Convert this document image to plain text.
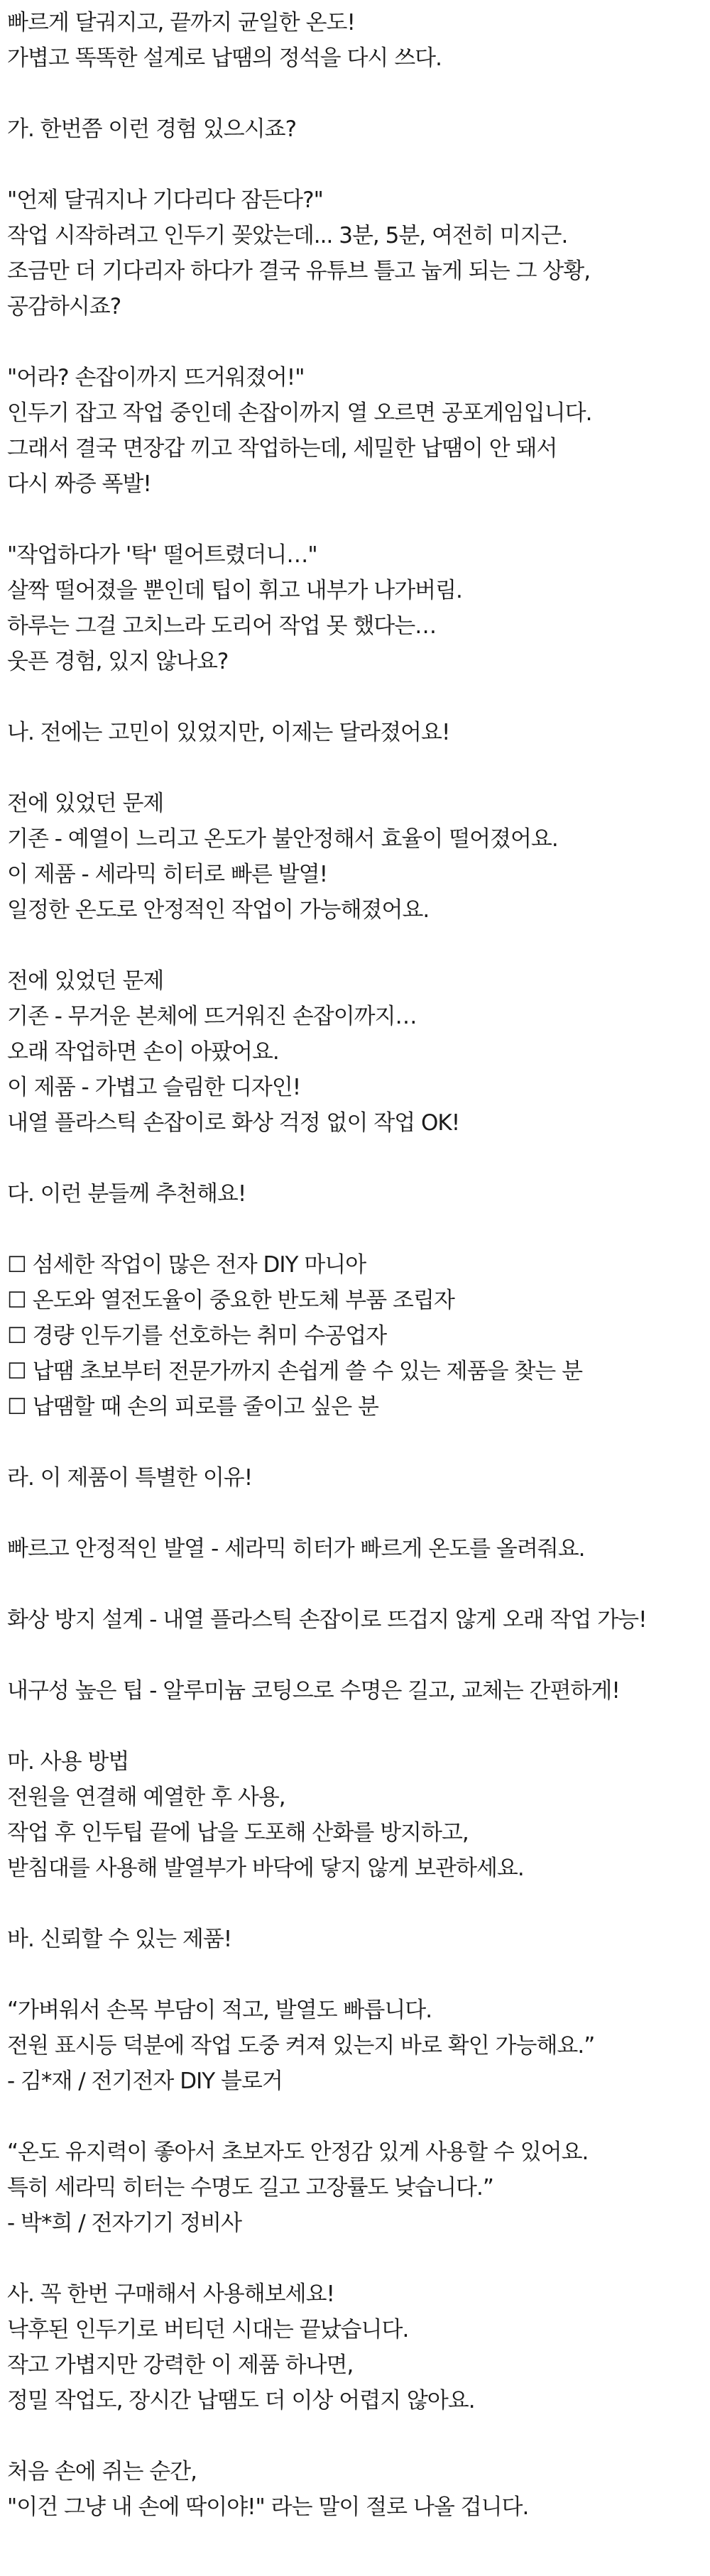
빠르게 달궈지고, 끝까지 균일한 온도!
가볍고 똑똑한 설계로 납땜의 정석을 다시 쓰다.
가. 한번쯤 이런 경험 있으시죠?
"언제 달궈지나 기다리다 잠든다?"
작업 시작하려고 인두기 꽂았는데... 3분, 5분, 여전히 미지근.
조금만 더 기다리자 하다가 결국 유튜브 틀고 눕게 되는 그 상황,
공감하시죠?
"어라? 손잡이까지 뜨거워졌어!"
인두기 잡고 작업 중인데 손잡이까지 열 오르면 공포게임입니다.
그래서 결국 면장갑 끼고 작업하는데, 세밀한 납땜이 안 돼서
다시 짜증 폭발!
"작업하다가 '탁' 떨어트렸더니…"
살짝 떨어졌을 뿐인데 팁이 휘고 내부가 나가버림.
하루는 그걸 고치느라 도리어 작업 못 했다는…
웃픈 경험, 있지 않나요?
나. 전에는 고민이 있었지만, 이제는 달라졌어요!
전에 있었던 문제
기존 - 예열이 느리고 온도가 불안정해서 효율이 떨어졌어요.
이 제품 - 세라믹 히터로 빠른 발열!
일정한 온도로 안정적인 작업이 가능해졌어요.
전에 있었던 문제
기존 - 무거운 본체에 뜨거워진 손잡이까지…
오래 작업하면 손이 아팠어요.
이 제품 - 가볍고 슬림한 디자인!
내열 플라스틱 손잡이로 화상 걱정 없이 작업 OK!
다. 이런 분들께 추천해요!
☐ 섬세한 작업이 많은 전자 DIY 마니아
☐ 온도와 열전도율이 중요한 반도체 부품 조립자
☐ 경량 인두기를 선호하는 취미 수공업자
☐ 납땜 초보부터 전문가까지 손쉽게 쓸 수 있는 제품을 찾는 분
☐ 납땜할 때 손의 피로를 줄이고 싶은 분
라. 이 제품이 특별한 이유!
빠르고 안정적인 발열 - 세라믹 히터가 빠르게 온도를 올려줘요.
화상 방지 설계 - 내열 플라스틱 손잡이로 뜨겁지 않게 오래 작업 가능!
내구성 높은 팁 - 알루미늄 코팅으로 수명은 길고, 교체는 간편하게!
마. 사용 방법
전원을 연결해 예열한 후 사용,
작업 후 인두팁 끝에 납을 도포해 산화를 방지하고,
받침대를 사용해 발열부가 바닥에 닿지 않게 보관하세요.
바. 신뢰할 수 있는 제품!
“가벼워서 손목 부담이 적고, 발열도 빠릅니다.
전원 표시등 덕분에 작업 도중 켜져 있는지 바로 확인 가능해요.”
- 김*재 / 전기전자 DIY 블로거
“온도 유지력이 좋아서 초보자도 안정감 있게 사용할 수 있어요.
특히 세라믹 히터는 수명도 길고 고장률도 낮습니다.”
- 박*희 / 전자기기 정비사
사. 꼭 한번 구매해서 사용해보세요!
낙후된 인두기로 버티던 시대는 끝났습니다.
작고 가볍지만 강력한 이 제품 하나면,
정밀 작업도, 장시간 납땜도 더 이상 어렵지 않아요.
처음 손에 쥐는 순간,
"이건 그냥 내 손에 딱이야!" 라는 말이 절로 나올 겁니다.
